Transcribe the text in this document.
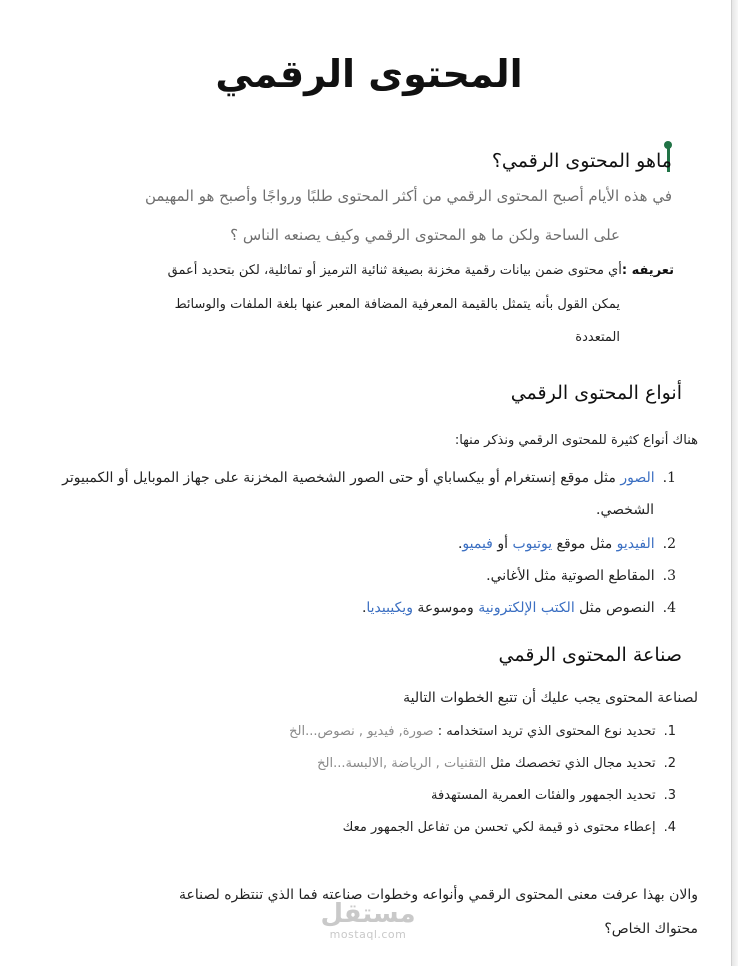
المحتوى الرقمي
ماهو المحتوى الرقمي؟
في هذه الأيام أصبح المحتوى الرقمي من أكثر المحتوى طلبًا ورواجًا وأصبح هو المهيمن
على الساحة ولكن ما هو المحتوى الرقمي وكيف يصنعه الناس ؟
تعريفه :أي محتوى ضمن بيانات رقمية مخزنة بصيغة ثنائية الترميز أو تماثلية، لكن بتحديد أعمق
يمكن القول بأنه يتمثل بالقيمة المعرفية المضافة المعبر عنها بلغة الملفات والوسائط
المتعددة
أنواع المحتوى الرقمي
هناك أنواع كثيرة للمحتوى الرقمي ونذكر منها:
1.الصور مثل موقع إنستغرام أو بيكساباي أو حتى الصور الشخصية المخزنة على جهاز الموبايل أو الكمبيوتر
الشخصي.
2.الفيديو مثل موقع يوتيوب أو فيميو.
3.المقاطع الصوتية مثل الأغاني.
4.النصوص مثل الكتب الإلكترونية وموسوعة ويكيبيديا.
صناعة المحتوى الرقمي
لصناعة المحتوى يجب عليك أن تتبع الخطوات التالية
1.تحديد نوع المحتوى الذي تريد استخدامه : صورة, فيديو , نصوص...الخ
2.تحديد مجال الذي تخصصك مثل التقنيات , الرياضة ,الالبسة...الخ
3.تحديد الجمهور والفئات العمرية المستهدفة
4.إعطاء محتوى ذو قيمة لكي تحسن من تفاعل الجمهور معك
والان بهذا عرفت معنى المحتوى الرقمي وأنواعه وخطوات صناعته فما الذي تنتظره لصناعة
محتواك الخاص؟
مستقل
mostaql.com
